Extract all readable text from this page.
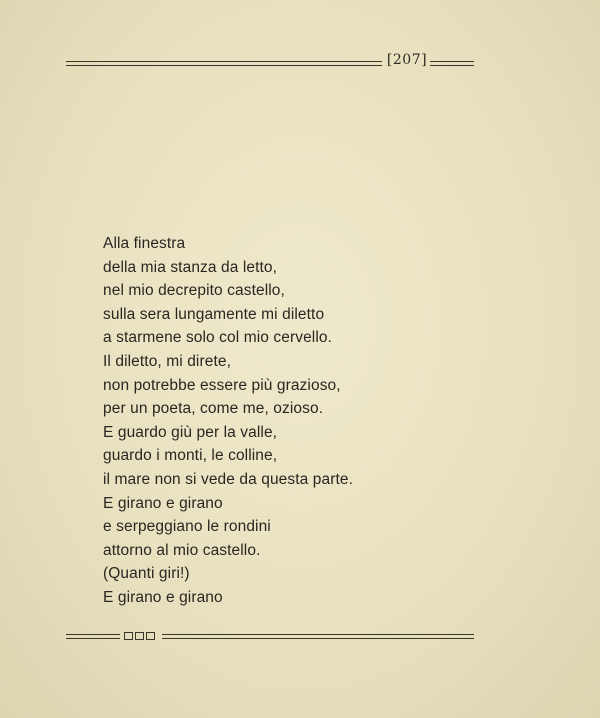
[207]
Alla finestra
della mia stanza da letto,
nel mio decrepito castello,
sulla sera lungamente mi diletto
a starmene solo col mio cervello.
Il diletto, mi direte,
non potrebbe essere più grazioso,
per un poeta, come me, ozioso.
E guardo giù per la valle,
guardo i monti, le colline,
il mare non si vede da questa parte.
E girano e girano
e serpeggiano le rondini
attorno al mio castello.
(Quanti giri!)
E girano e girano
